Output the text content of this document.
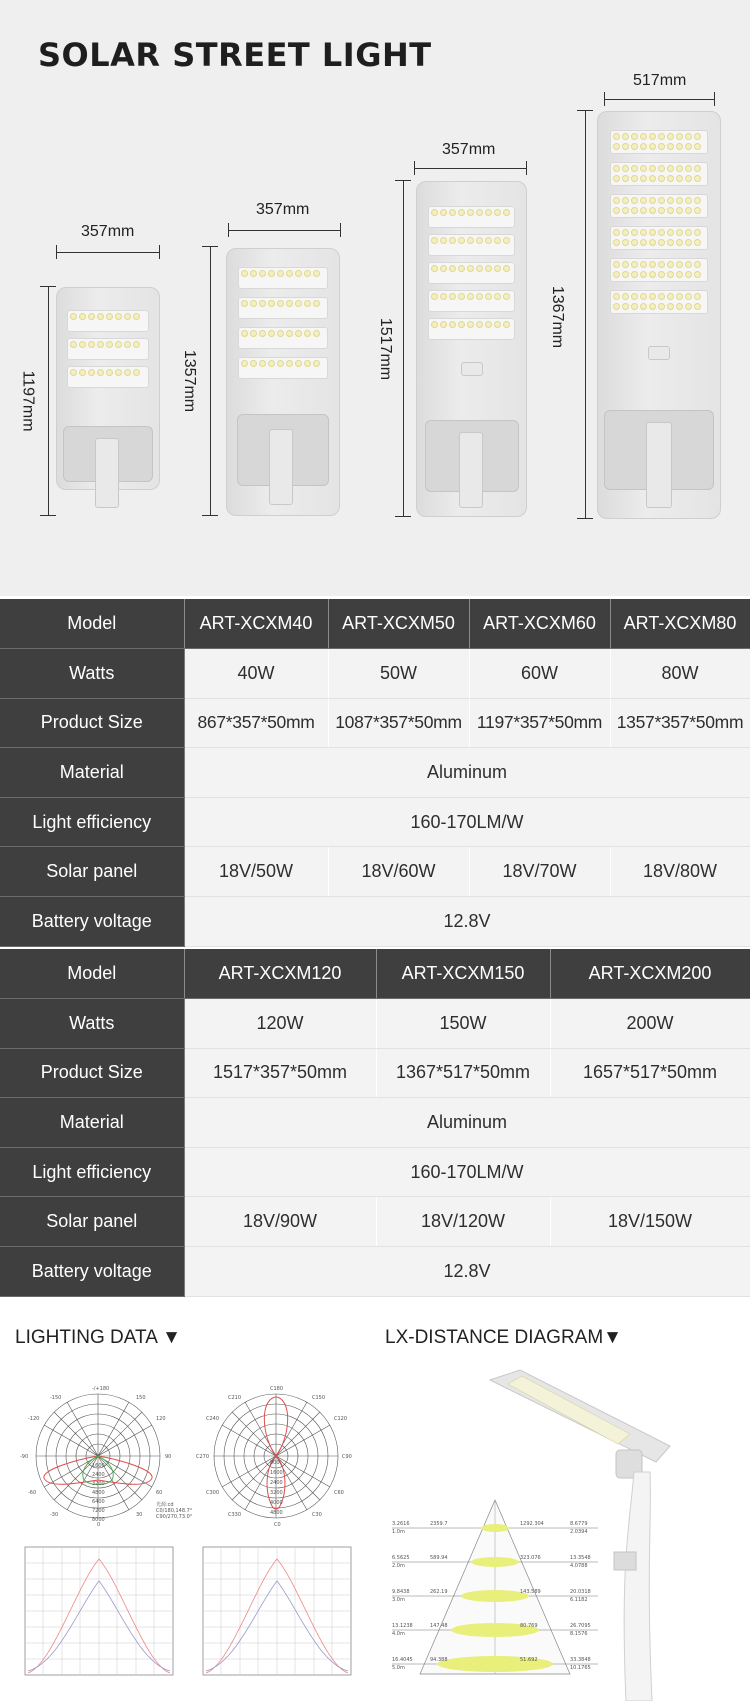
SOLAR STREET LIGHT
357mm
1197mm
357mm
1357mm
357mm
1517mm
517mm
1367mm
Model	ART-XCXM40	ART-XCXM50	ART-XCXM60	ART-XCXM80
Watts	40W	50W	60W	80W
Product Size	867*357*50mm	1087*357*50mm	1197*357*50mm	1357*357*50mm
Material	Aluminum			
Light efficiency	160-170LM/W			
Solar panel	18V/50W	18V/60W	18V/70W	18V/80W
Battery voltage	12.8V			
Model	ART-XCXM120	ART-XCXM150	ART-XCXM200
Watts	120W	150W	200W
Product Size	1517*357*50mm	1367*517*50mm	1657*517*50mm
Material	Aluminum		
Light efficiency	160-170LM/W		
Solar panel	18V/90W	18V/120W	18V/150W
Battery voltage	12.8V		
LIGHTING DATA ▼	LX-DISTANCE DIAGRAM▼
-/+180
150
-150
120
-120
90
-90
60
-60
30
-30
0
1600
2400
3200
4800
6400
7200
8000
光源:cd
C0/180,148.7°
C90/270,73.0°
C180
C150
C210
C120
C240
C90
C270
C60
C300
C30
C330
C0
800
1600
2400
3200
4000
4800
3.2616
1.0m
2359.7	1292.304	8.6779
2.0394
6.5625
2.0m
589.94	323.076	13.3548
4.0788
9.8438
3.0m
262.19	143.589	20.0318
6.1182
13.1238
4.0m
147.48	80.769	26.7095
8.1576
16.4045
5.0m
94.388	51.692	33.3848
10.1765
